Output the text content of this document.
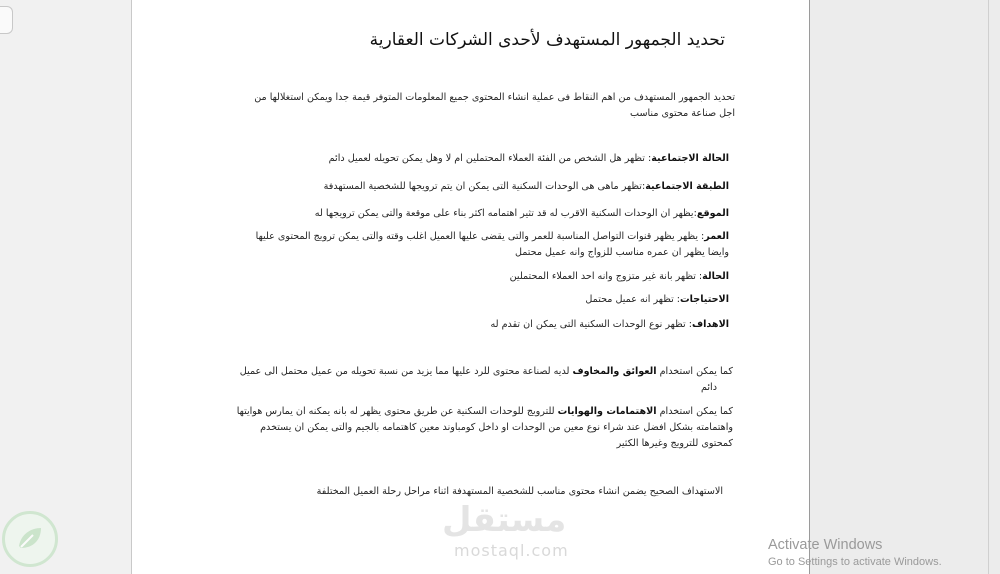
تحديد الجمهور المستهدف لأحدى الشركات العقارية
تحديد الجمهور المستهدف من اهم النقاط فى عملية انشاء المحتوى جميع المعلومات المتوفر قيمة جدا ويمكن استغلالها من
اجل صناعة محتوى مناسب
الحالة الاجتماعية: تظهر هل الشخص من الفئة العملاء المحتملين ام لا وهل يمكن تحويله لعميل دائم
الطبقة الاجتماعية:تظهر ماهى هى الوحدات السكنية التى يمكن ان يتم ترويجها للشخصية المستهدفة
الموقع:يظهر ان الوحدات السكنية الاقرب له قد تثير اهتمامه اكثر بناء على موقعة والتى يمكن ترويجها له
العمر: يظهر يظهر قنوات التواصل المناسبة للعمر والتى يقضى عليها العميل اغلب وقته والتى يمكن ترويج المحتوى عليها
وايضا يظهر ان عمره مناسب للزواج وانه عميل محتمل
الحالة: تظهر بانة غير متزوج وانه احد العملاء المحتملين
الاحتياجات: تظهر انه عميل محتمل
الاهداف: تظهر نوع الوحدات السكنية التى يمكن ان تقدم له
كما يمكن استخدام العوائق والمخاوف لديه لصناعة محتوى للرد عليها مما يزيد من نسبة تحويله من عميل محتمل الى عميل
دائم
كما يمكن استخدام الاهتمامات والهوايات للترويج للوحدات السكنية عن طريق محتوى يظهر له بانه يمكنه ان يمارس هوايتها
واهتمامته بشكل افضل عند شراء نوع معين من الوحدات او داخل كومباوند معين كاهتمامه بالجيم والتى يمكن ان يستخدم
كمحتوى للترويج وغيرها الكثير
الاستهداف الصحيح يضمن انشاء محتوى مناسب للشخصية المستهدفة اثناء مراحل رحلة العميل المختلفة
مستقل
mostaql.com	Activate Windows
Go to Settings to activate Windows.
